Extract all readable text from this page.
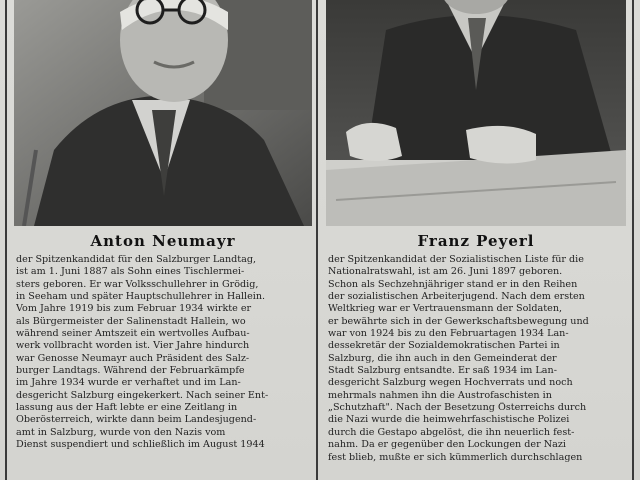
Anton Neumayr
der Spitzenkandidat für den Salzburger Landtag,
ist am 1. Juni 1887 als Sohn eines Tischlermei-
sters geboren. Er war Volksschullehrer in Grödig,
in Seeham und später Hauptschullehrer in Hallein.
Vom Jahre 1919 bis zum Februar 1934 wirkte er
als Bürgermeister der Salinenstadt Hallein, wo
während seiner Amtszeit ein wertvolles Aufbau-
werk vollbracht worden ist. Vier Jahre hindurch
war Genosse Neumayr auch Präsident des Salz-
burger Landtags. Während der Februarkämpfe
im Jahre 1934 wurde er verhaftet und im Lan-
desgericht Salzburg eingekerkert. Nach seiner Ent-
lassung aus der Haft lebte er eine Zeitlang in
Oberösterreich, wirkte dann beim Landesjugend-
amt in Salzburg, wurde von den Nazis vom
Dienst suspendiert und schließlich im August 1944
Franz Peyerl
der Spitzenkandidat der Sozialistischen Liste für die
Nationalratswahl, ist am 26. Juni 1897 geboren.
Schon als Sechzehnjähriger stand er in den Reihen
der sozialistischen Arbeiterjugend. Nach dem ersten
Weltkrieg war er Vertrauensmann der Soldaten,
er bewährte sich in der Gewerkschaftsbewegung und
war von 1924 bis zu den Februartagen 1934 Lan-
dessekretär der Sozialdemokratischen Partei in
Salzburg, die ihn auch in den Gemeinderat der
Stadt Salzburg entsandte. Er saß 1934 im Lan-
desgericht Salzburg wegen Hochverrats und noch
mehrmals nahmen ihn die Austrofaschisten in
„Schutzhaft". Nach der Besetzung Österreichs durch
die Nazi wurde die heimwehrfaschistische Polizei
durch die Gestapo abgelöst, die ihn neuerlich fest-
nahm. Da er gegenüber den Lockungen der Nazi
fest blieb, mußte er sich kümmerlich durchschlagen
